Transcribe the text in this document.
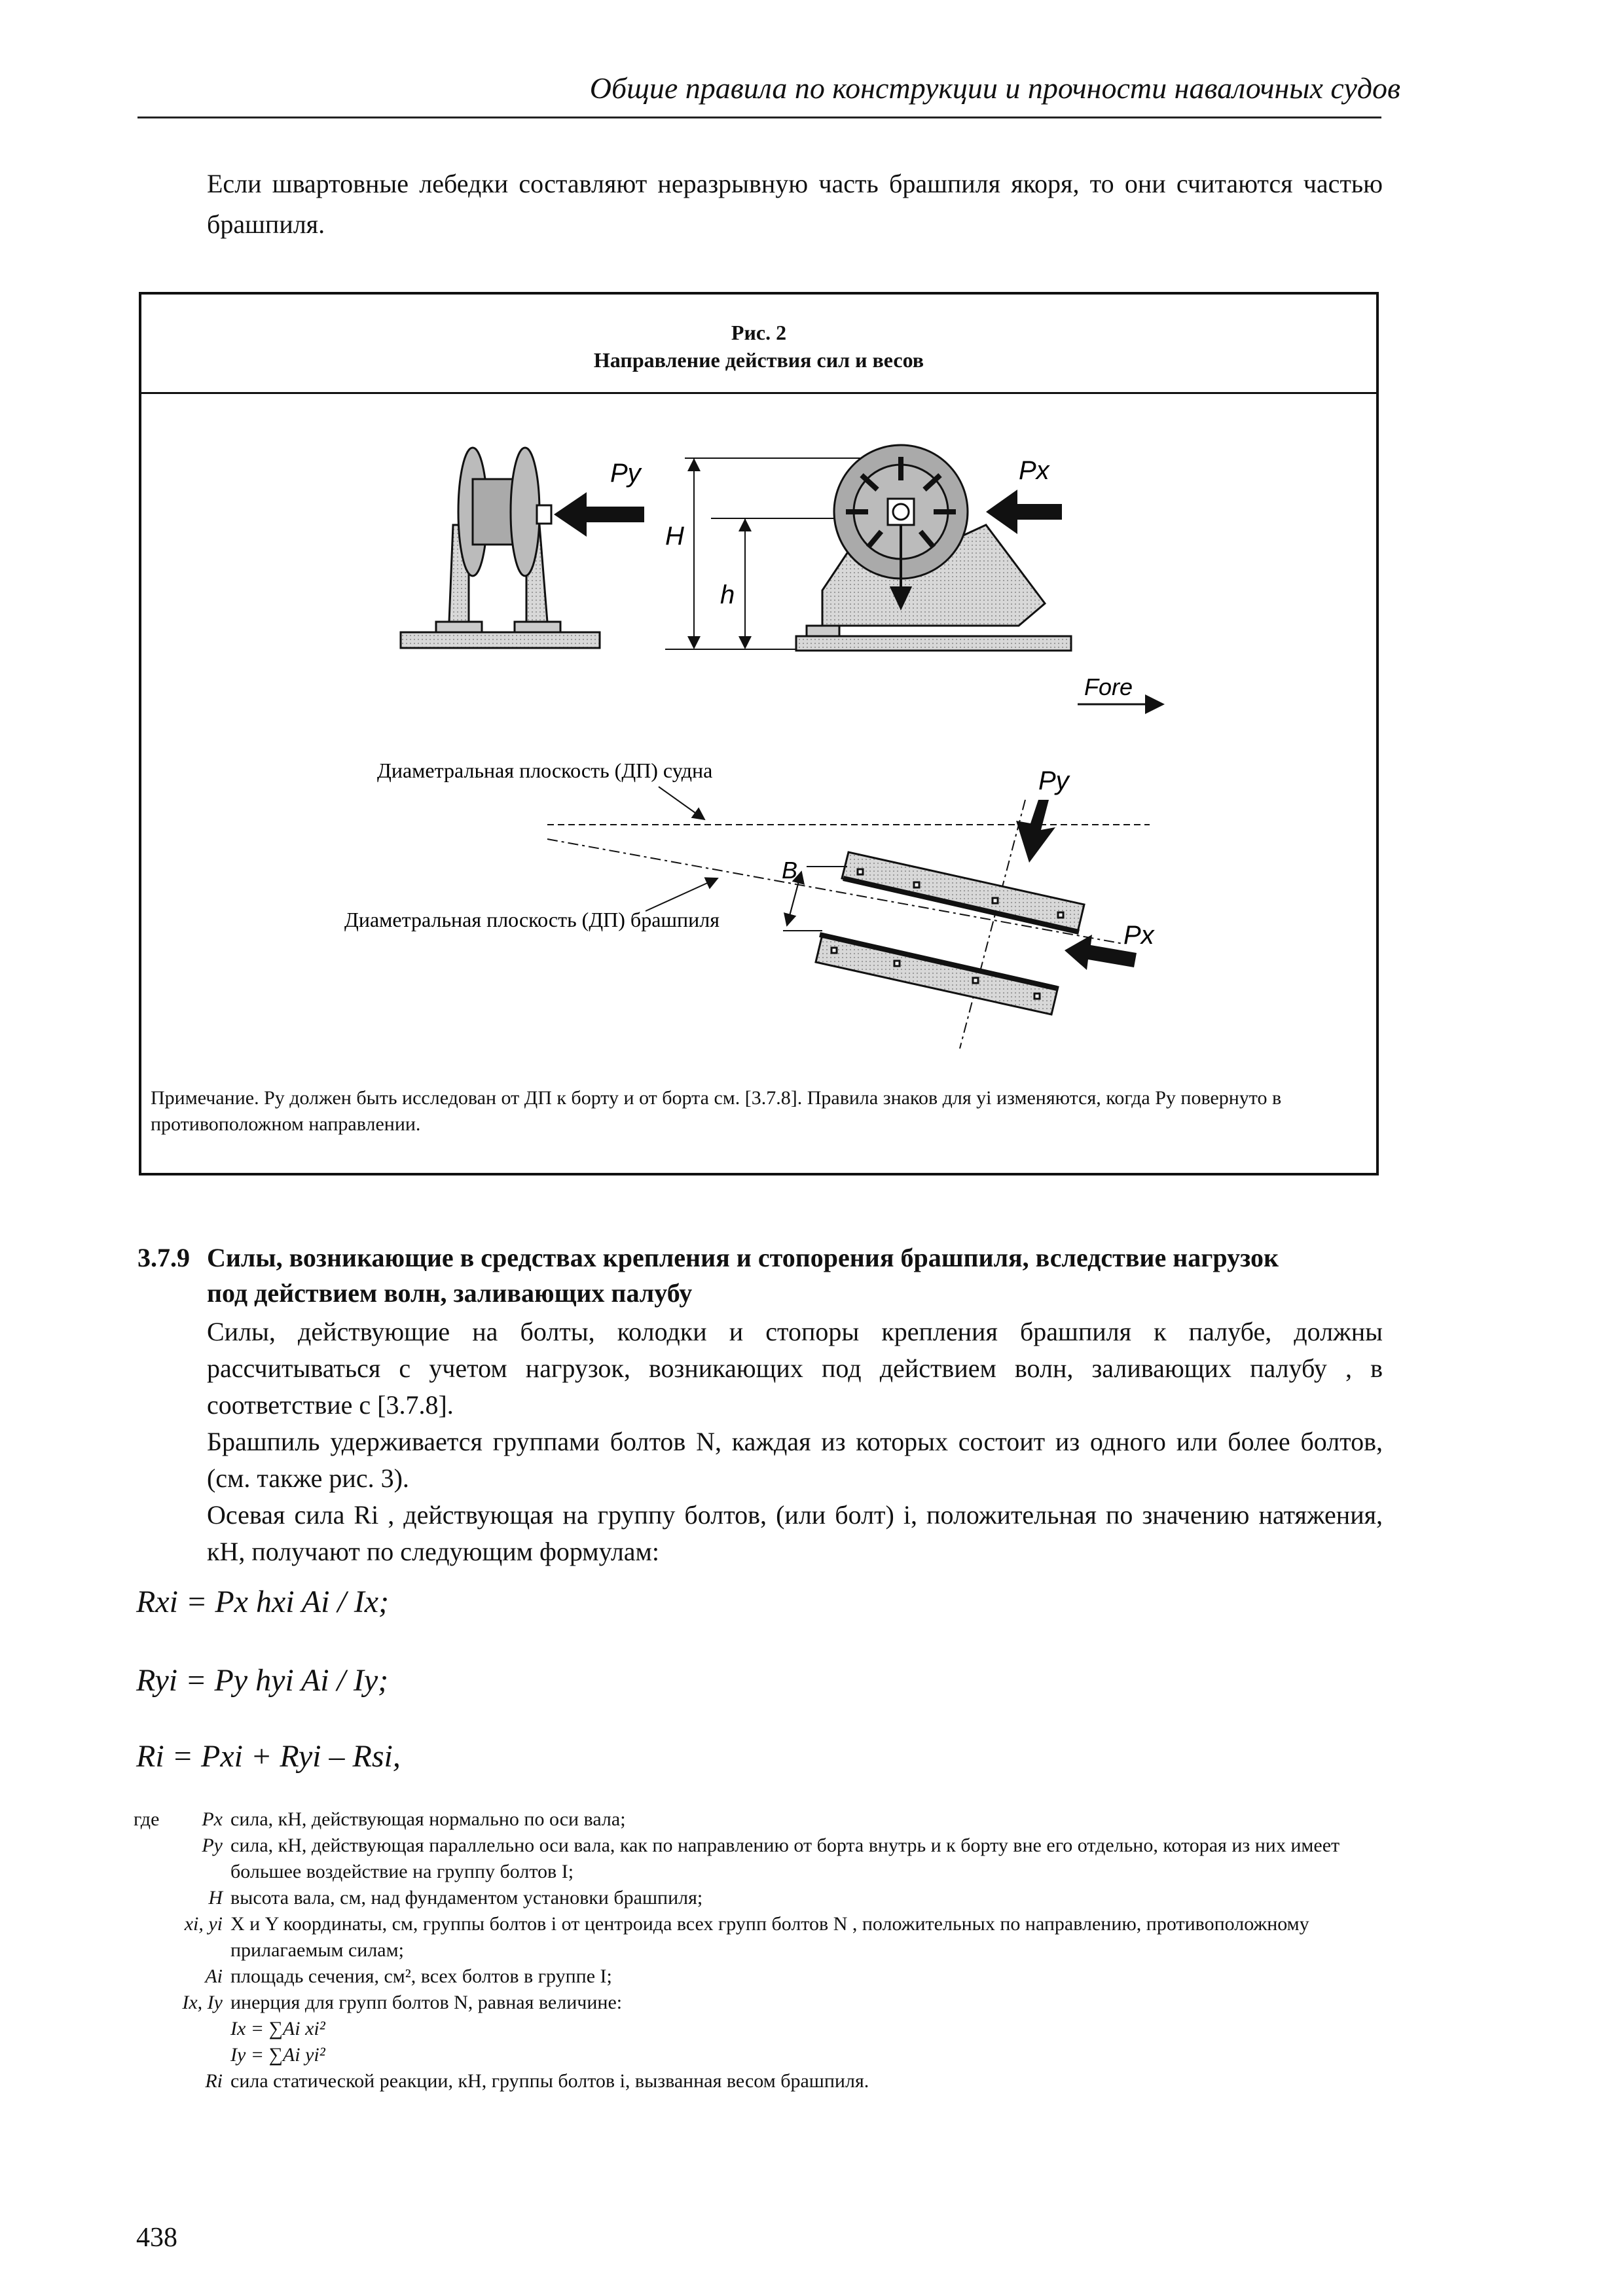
Общие правила по конструкции и прочности навалочных судов
Если швартовные лебедки составляют неразрывную часть брашпиля якоря, то они считаются частью брашпиля.
Рис. 2
Направление действия сил и весов
Py
H
h
Px
Fore
Диаметральная плоскость (ДП) судна
Диаметральная плоскость (ДП) брашпиля
B
Py
Px
Примечание. Ру должен быть исследован от ДП к борту и от борта см. [3.7.8]. Правила знаков для yi изменяются, когда Py повернуто в противоположном направлении.
3.7.9 Силы, возникающие в средствах крепления и стопорения брашпиля, вследствие нагрузок
под действием волн, заливающих палубу
Силы, действующие на болты, колодки и стопоры крепления брашпиля к палубе, должны рассчитываться с учетом нагрузок, возникающих под действием волн, заливающих палубу , в соответствие с [3.7.8].
Брашпиль удерживается группами болтов N, каждая из которых состоит из одного или более болтов, (см. также рис. 3).
Осевая сила Ri , действующая на группу болтов, (или болт) i, положительная по значению натяжения, кН, получают по следующим формулам:
Rxi = Px hxi Ai / Ix;
Ryi = Py hyi Ai / Iy;
Ri = Pxi + Ryi – Rsi,
где Px сила, кН, действующая нормально по оси вала;
Py сила, кН, действующая параллельно оси вала, как по направлению от борта внутрь и к борту вне его отдельно, которая из них имеет большее воздействие на группу болтов I;
H высота вала, см, над фундаментом установки брашпиля;
xi, yi X и Y координаты, см, группы болтов i от центроида всех групп болтов N , положительных по направлению, противоположному прилагаемым силам;
Ai площадь сечения, см², всех болтов в группе I;
Ix, Iy инерция для групп болтов N, равная величине:
Ix = ∑Ai xi²
Iy = ∑Ai yi²
Ri сила статической реакции, кН, группы болтов i, вызванная весом брашпиля.
438
